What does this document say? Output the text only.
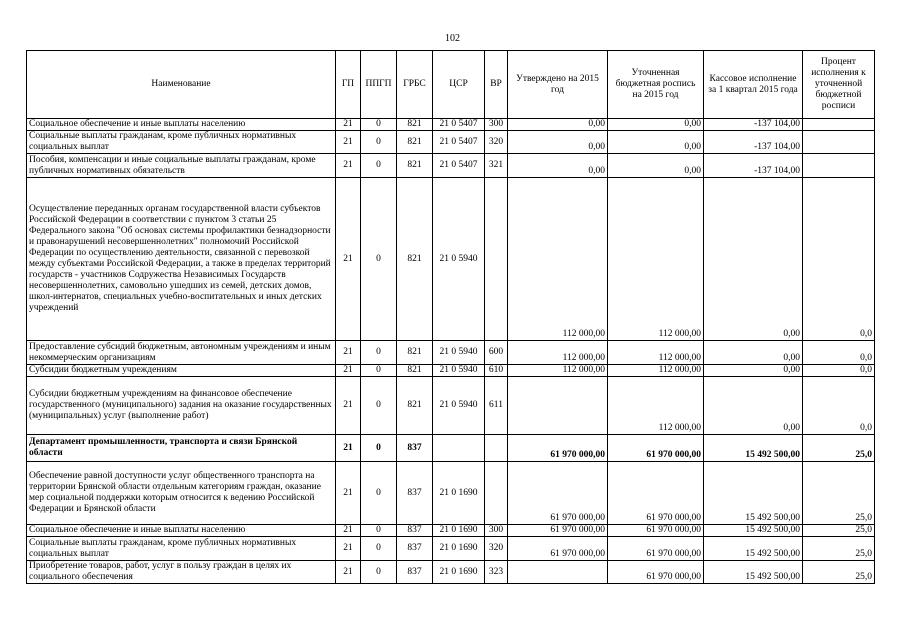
102
Наименование	ГП	ППГП	ГРБС	ЦСР	ВР	Утверждено на 2015 год	Уточненная бюджетная роспись на 2015 год	Кассовое исполнение за 1 квартал 2015 года	Процент исполнения к уточненной бюджетной росписи
Социальное обеспечение и иные выплаты населению	21	0	821	21 0 5407	300	0,00	0,00	-137 104,00	
Социальные выплаты гражданам, кроме публичных нормативных социальных выплат	21	0	821	21 0 5407	320	0,00	0,00	-137 104,00	
Пособия, компенсации и иные социальные выплаты гражданам, кроме публичных нормативных обязательств	21	0	821	21 0 5407	321	0,00	0,00	-137 104,00	
Осуществление переданных органам государственной власти субъектов Российской Федерации в соответствии с пунктом 3 статьи 25 Федерального закона "Об основах системы профилактики безнадзорности и правонарушений несовершеннолетних" полномочий Российской Федерации по осуществлению деятельности, связанной с перевозкой между субъектами Российской Федерации, а также в пределах территорий государств - участников Содружества Независимых Государств несовершеннолетних, самовольно ушедших из семей, детских домов, школ-интернатов, специальных учебно-воспитательных и иных детских учреждений	21	0	821	21 0 5940		112 000,00	112 000,00	0,00	0,0
Предоставление субсидий бюджетным, автономным учреждениям и иным некоммерческим организациям	21	0	821	21 0 5940	600	112 000,00	112 000,00	0,00	0,0
Субсидии бюджетным учреждениям	21	0	821	21 0 5940	610	112 000,00	112 000,00	0,00	0,0
Субсидии бюджетным учреждениям на финансовое обеспечение государственного (муниципального) задания на оказание государственных (муниципальных) услуг (выполнение работ)	21	0	821	21 0 5940	611		112 000,00	0,00	0,0
Департамент промышленности, транспорта и связи Брянской области	21	0	837			61 970 000,00	61 970 000,00	15 492 500,00	25,0
Обеспечение равной доступности услуг общественного транспорта на территории Брянской области отдельным категориям граждан, оказание мер социальной поддержки которым относится к ведению Российской Федерации и Брянской области	21	0	837	21 0 1690		61 970 000,00	61 970 000,00	15 492 500,00	25,0
Социальное обеспечение и иные выплаты населению	21	0	837	21 0 1690	300	61 970 000,00	61 970 000,00	15 492 500,00	25,0
Социальные выплаты гражданам, кроме публичных нормативных социальных выплат	21	0	837	21 0 1690	320	61 970 000,00	61 970 000,00	15 492 500,00	25,0
Приобретение товаров, работ, услуг в пользу граждан в целях их социального обеспечения	21	0	837	21 0 1690	323		61 970 000,00	15 492 500,00	25,0
